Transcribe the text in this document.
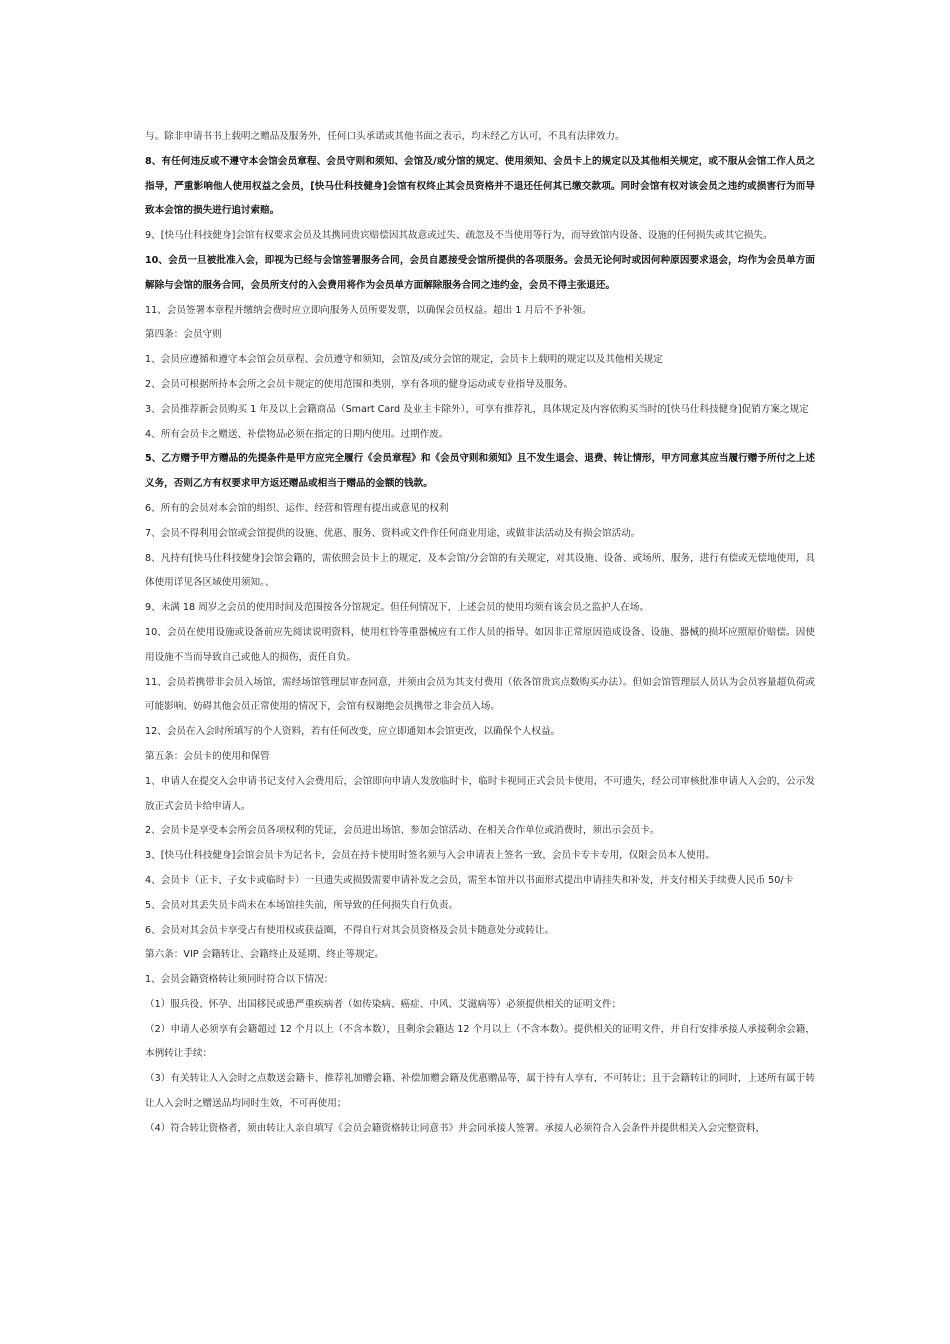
与。除非申请书书上载明之赠品及服务外，任何口头承诺或其他书面之表示，均未经乙方认可，不具有法律效力。

8、有任何违反或不遵守本会馆会员章程、会员守则和须知、会馆及/或分馆的规定、使用须知、会员卡上的规定以及其他相关规定，或不服从会馆工作人员之指导，严重影响他人使用权益之会员，[快马仕科技健身]会馆有权终止其会员资格并不退还任何其已缴交款项。同时会馆有权对该会员之违约或损害行为而导致本会馆的损失进行追讨索赔。

9、[快马仕科技健身]会馆有权要求会员及其携同贵宾赔偿因其故意或过失、疏忽及不当使用等行为，而导致馆内设备、设施的任何损失或其它损失。

10、会员一旦被批准入会，即视为已经与会馆签署服务合同，会员自愿接受会馆所提供的各项服务。会员无论何时或因何种原因要求退会，均作为会员单方面解除与会馆的服务合同，会员所支付的入会费用将作为会员单方面解除服务合同之违约金，会员不得主张退还。

11、会员签署本章程并缴纳会费时应立即向服务人员所要发票，以确保会员权益。超出 1 月后不予补领。

第四条：会员守则

1、会员应遵循和遵守本会馆会员章程、会员遵守和须知，会馆及/或分会馆的规定，会员卡上载明的规定以及其他相关规定

2、会员可根据所持本会所之会员卡规定的使用范围和类别，享有各项的健身运动或专业指导及服务。

3、会员推荐新会员购买 1 年及以上会籍商品（Smart Card 及业主卡除外），可享有推荐礼，具体规定及内容依购买当时的[快马仕科技健身]促销方案之规定

4、所有会员卡之赠送、补偿物品必须在指定的日期内使用。过期作废。

5、乙方赠予甲方赠品的先提条件是甲方应完全履行《会员章程》和《会员守则和须知》且不发生退会、退费、转让情形，甲方同意其应当履行赠予所付之上述义务，否则乙方有权要求甲方返还赠品或相当于赠品的金额的钱款。

6、所有的会员对本会馆的组织、运作、经营和管理有提出或意见的权利

7、会员不得利用会馆或会馆提供的设施、优惠、服务、资料或文件作任何商业用途，或做非法活动及有损会馆活动。

8、凡持有[快马仕科技健身]会馆会籍的，需依照会员卡上的规定，及本会馆/分会馆的有关规定，对其设施、设备、或场所、服务，进行有偿或无偿地使用，具体使用详见各区域使用须知。、

9、未满 18 周岁之会员的使用时间及范围按各分馆规定。但任何情况下，上述会员的使用均须有该会员之监护人在场。

10、会员在使用设施或设备前应先阅读说明资料，使用杠铃等重器械应有工作人员的指导。如因非正常原因造成设备、设施、器械的损坏应照原价赔偿。因使用设施不当而导致自己或他人的损伤，责任自负。

11、会员若携带非会员入场馆，需经场馆管理层审查同意，并须由会员为其支付费用（依各馆贵宾点数购买办法）。但如会馆管理层人员认为会员容量超负荷或可能影响、妨碍其他会员正常使用的情况下，会馆有权谢绝会员携带之非会员入场。

12、会员在入会时所填写的个人资料，若有任何改变，应立即通知本会馆更改，以确保个人权益。

第五条：会员卡的使用和保管

1、申请人在提交入会申请书记支付入会费用后，会馆即向申请人发放临时卡，临时卡视同正式会员卡使用，不可遗失，经公司审核批准申请人入会的，公示发放正式会员卡给申请人。

2、会员卡是享受本会所会员各项权利的凭证，会员进出场馆、参加会馆活动、在相关合作单位或消费时，须出示会员卡。

3、[快马仕科技健身]会馆会员卡为记名卡，会员在持卡使用时签名须与入会申请表上签名一致，会员卡专卡专用，仅限会员本人使用。

4、会员卡（正卡、子女卡或临时卡）一旦遗失或损毁需要申请补发之会员，需至本馆并以书面形式提出申请挂失和补发，并支付相关手续费人民币 50/卡

5、会员对其丢失员卡尚未在本场馆挂失前，所导致的任何损失自行负责。

6、会员对其会员卡享受占有使用权或获益圈，不得自行对其会员资格及会员卡随意处分或转让。

第六条：VIP 会籍转让、会籍终止及延期、终止等规定。

1、会员会籍资格转让须同时符合以下情况：

（1）服兵役、怀孕、出国移民或患严重疾病者（如传染病、癌症、中风、艾滋病等）必须提供相关的证明文件；

（2）申请人必须享有会籍超过 12 个月以上（不含本数），且剩余会籍达 12 个月以上（不含本数）。提供相关的证明文件，并自行安排承接人承接剩余会籍，本例转让手续：

（3）有关转让人入会时之点数送会籍卡、推荐礼加赠会籍、补偿加赠会籍及优惠赠品等，属于持有人享有，不可转让；且于会籍转让的同时，上述所有属于转让人入会时之赠送品均同时生效，不可再使用；

（4）符合转让资格者，须由转让人亲自填写《会员会籍资格转让同意书》并会同承接人签署。承接人必须符合入会条件并提供相关入会完整资料，
